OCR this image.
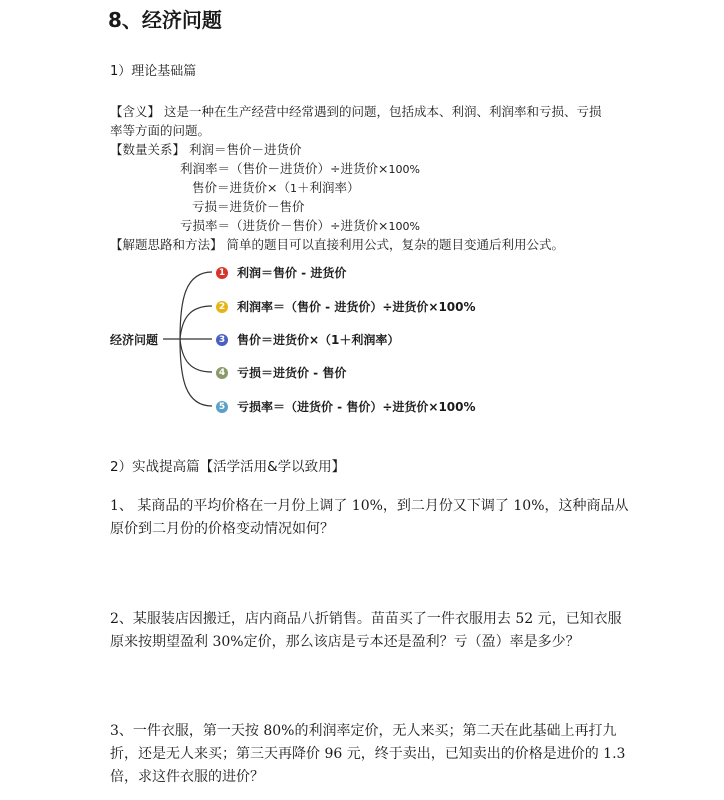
8、经济问题
1）理论基础篇
【含义】 这是一种在生产经营中经常遇到的问题，包括成本、利润、利润率和亏损、亏损
率等方面的问题。
【数量关系】 利润＝售价－进货价
利润率＝（售价－进货价）÷进货价×100%
售价＝进货价×（1＋利润率）
亏损＝进货价－售价
亏损率＝（进货价－售价）÷进货价×100%
【解题思路和方法】 简单的题目可以直接利用公式，复杂的题目变通后利用公式。
经济问题
1 利润＝售价 - 进货价
2 利润率＝（售价 - 进货价）÷进货价×100%
3 售价＝进货价×（1＋利润率）
4 亏损＝进货价 - 售价
5 亏损率＝（进货价 - 售价）÷进货价×100%
2）实战提高篇【活学活用&学以致用】
1、 某商品的平均价格在一月份上调了 10%，到二月份又下调了 10%，这种商品从原价到二月份的价格变动情况如何？
2、某服装店因搬迁，店内商品八折销售。苗苗买了一件衣服用去 52 元，已知衣服原来按期望盈利 30%定价，那么该店是亏本还是盈利？亏（盈）率是多少？
3、一件衣服，第一天按 80%的利润率定价，无人来买；第二天在此基础上再打九折，还是无人来买；第三天再降价 96 元，终于卖出，已知卖出的价格是进价的 1.3 倍，求这件衣服的进价？
